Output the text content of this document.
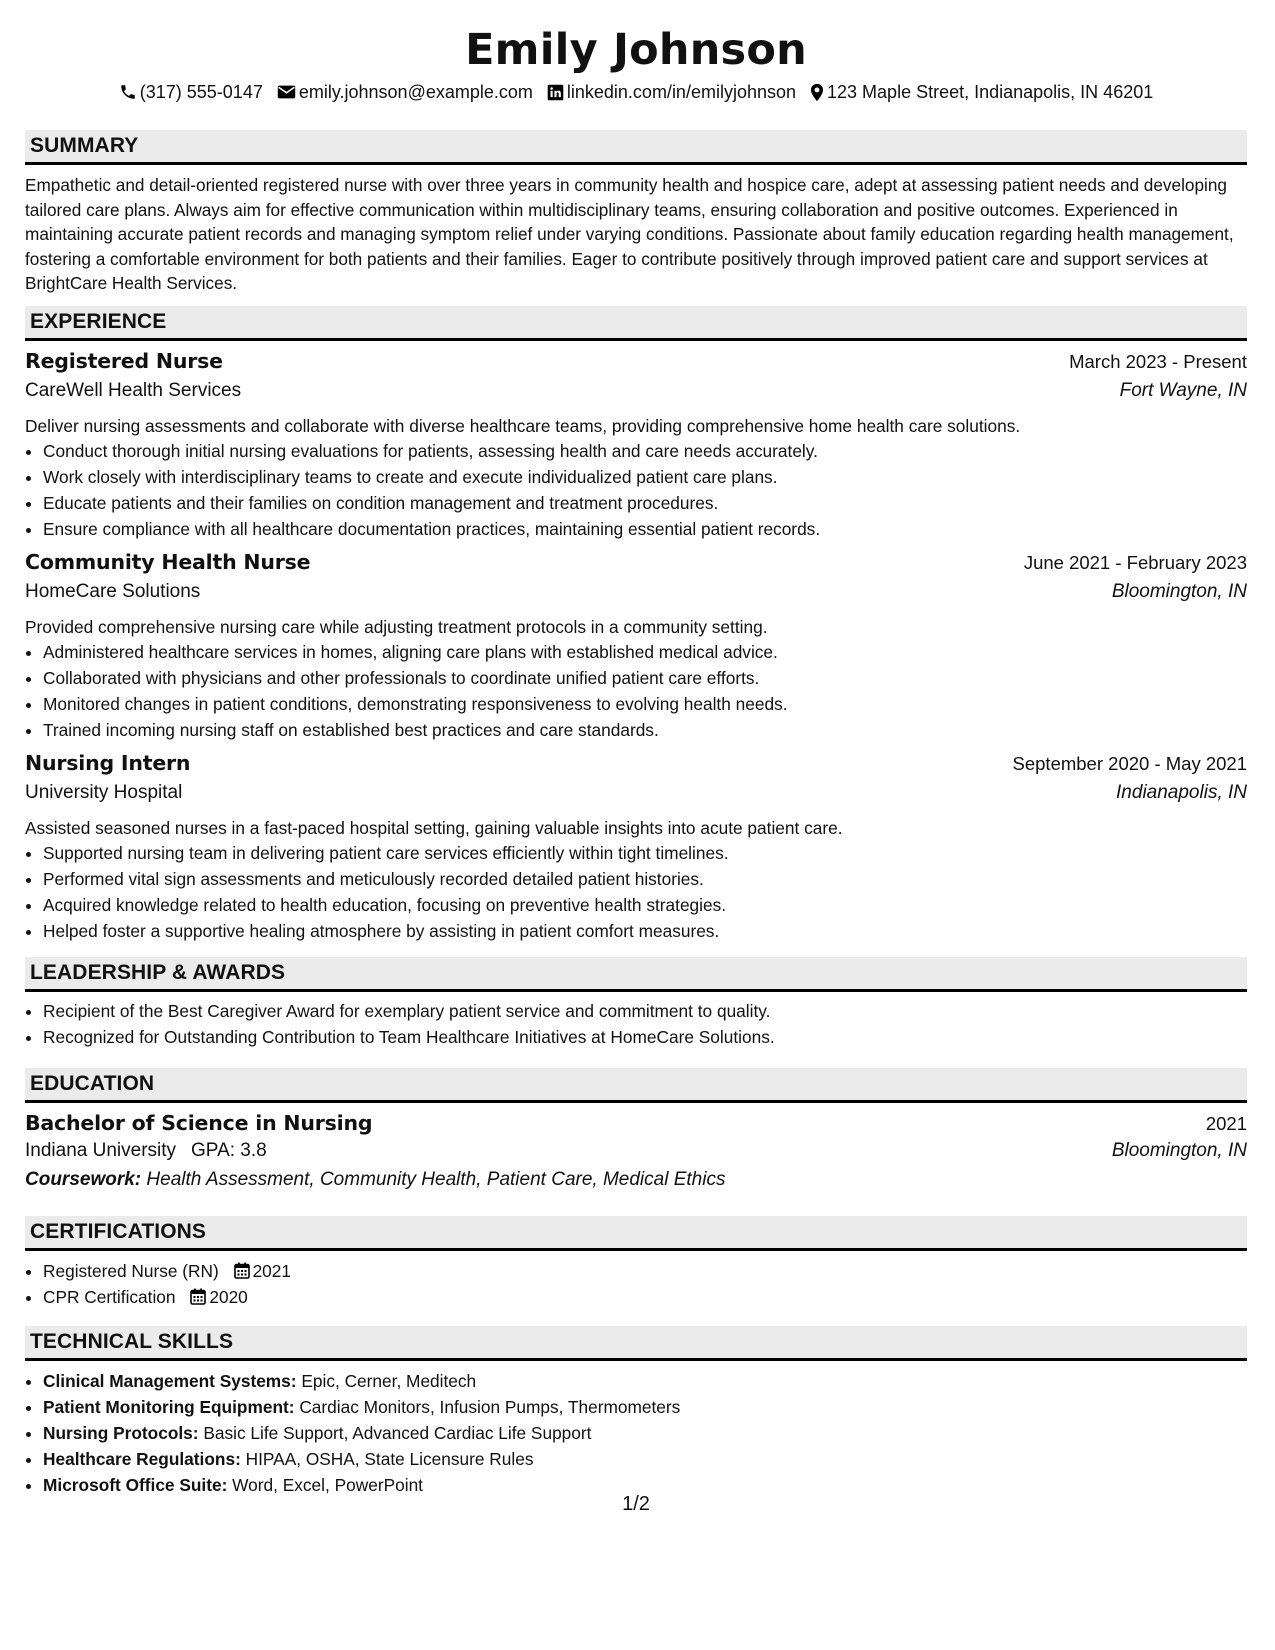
Emily Johnson
(317) 555-0147 emily.johnson@example.com linkedin.com/in/emilyjohnson 123 Maple Street, Indianapolis, IN 46201
SUMMARY

Empathetic and detail-oriented registered nurse with over three years in community health and hospice care, adept at assessing patient needs and developing tailored care plans. Always aim for effective communication within multidisciplinary teams, ensuring collaboration and positive outcomes. Experienced in maintaining accurate patient records and managing symptom relief under varying conditions. Passionate about family education regarding health management, fostering a comfortable environment for both patients and their families. Eager to contribute positively through improved patient care and support services at BrightCare Health Services.

EXPERIENCE
Registered Nurse	March 2023 - Present
CareWell Health Services	Fort Wayne, IN
Deliver nursing assessments and collaborate with diverse healthcare teams, providing comprehensive home health care solutions.
• Conduct thorough initial nursing evaluations for patients, assessing health and care needs accurately.
• Work closely with interdisciplinary teams to create and execute individualized patient care plans.
• Educate patients and their families on condition management and treatment procedures.
• Ensure compliance with all healthcare documentation practices, maintaining essential patient records.
Community Health Nurse	June 2021 - February 2023
HomeCare Solutions	Bloomington, IN
Provided comprehensive nursing care while adjusting treatment protocols in a community setting.
• Administered healthcare services in homes, aligning care plans with established medical advice.
• Collaborated with physicians and other professionals to coordinate unified patient care efforts.
• Monitored changes in patient conditions, demonstrating responsiveness to evolving health needs.
• Trained incoming nursing staff on established best practices and care standards.
Nursing Intern	September 2020 - May 2021
University Hospital	Indianapolis, IN
Assisted seasoned nurses in a fast-paced hospital setting, gaining valuable insights into acute patient care.
• Supported nursing team in delivering patient care services efficiently within tight timelines.
• Performed vital sign assessments and meticulously recorded detailed patient histories.
• Acquired knowledge related to health education, focusing on preventive health strategies.
• Helped foster a supportive healing atmosphere by assisting in patient comfort measures.
LEADERSHIP & AWARDS
• Recipient of the Best Caregiver Award for exemplary patient service and commitment to quality.
• Recognized for Outstanding Contribution to Team Healthcare Initiatives at HomeCare Solutions.
EDUCATION
Bachelor of Science in Nursing	2021
Indiana University GPA: 3.8	Bloomington, IN
Coursework: Health Assessment, Community Health, Patient Care, Medical Ethics
CERTIFICATIONS
• Registered Nurse (RN) 2021
• CPR Certification 2020
TECHNICAL SKILLS
• Clinical Management Systems: Epic, Cerner, Meditech
• Patient Monitoring Equipment: Cardiac Monitors, Infusion Pumps, Thermometers
• Nursing Protocols: Basic Life Support, Advanced Cardiac Life Support
• Healthcare Regulations: HIPAA, OSHA, State Licensure Rules
• Microsoft Office Suite: Word, Excel, PowerPoint
1/2
